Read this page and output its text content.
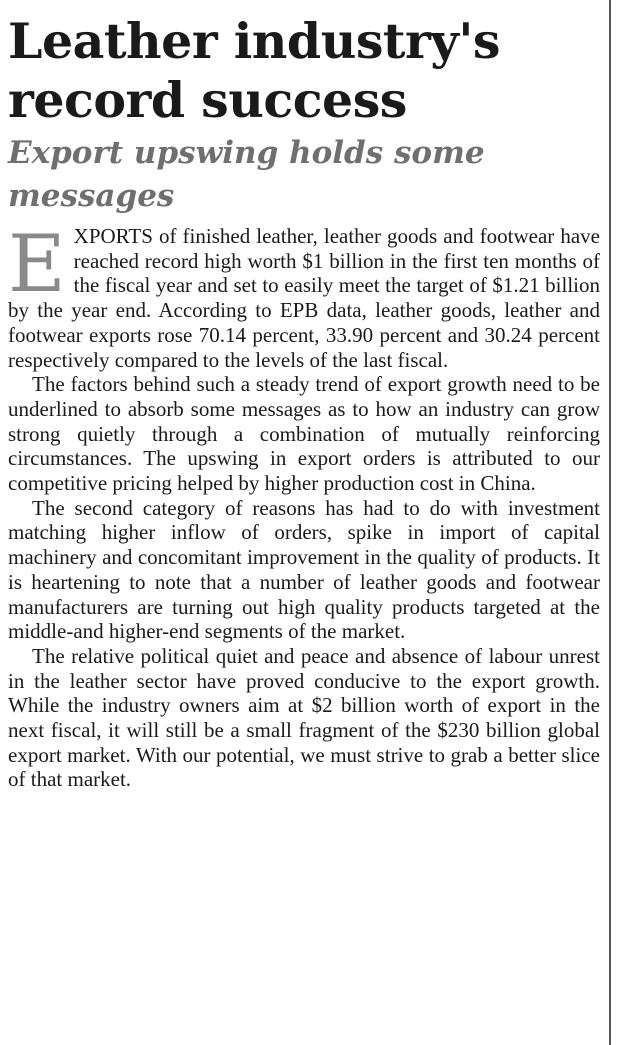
Leather industry's record success
Export upswing holds some messages

EXPORTS of finished leather, leather goods and footwear have reached record high worth $1 billion in the first ten months of the fiscal year and set to easily meet the target of $1.21 billion by the year end. According to EPB data, leather goods, leather and footwear exports rose 70.14 percent, 33.90 percent and 30.24 percent respectively compared to the levels of the last fiscal.

The factors behind such a steady trend of export growth need to be underlined to absorb some messages as to how an industry can grow strong quietly through a combination of mutually reinforcing circumstances. The upswing in export orders is attributed to our competitive pricing helped by higher production cost in China.

The second category of reasons has had to do with investment matching higher inflow of orders, spike in import of capital machinery and concomitant improvement in the quality of products. It is heartening to note that a number of leather goods and footwear manufacturers are turning out high quality products targeted at the middle-and higher-end segments of the market.

The relative political quiet and peace and absence of labour unrest in the leather sector have proved conducive to the export growth. While the industry owners aim at $2 billion worth of export in the next fiscal, it will still be a small fragment of the $230 billion global export market. With our potential, we must strive to grab a better slice of that market.
